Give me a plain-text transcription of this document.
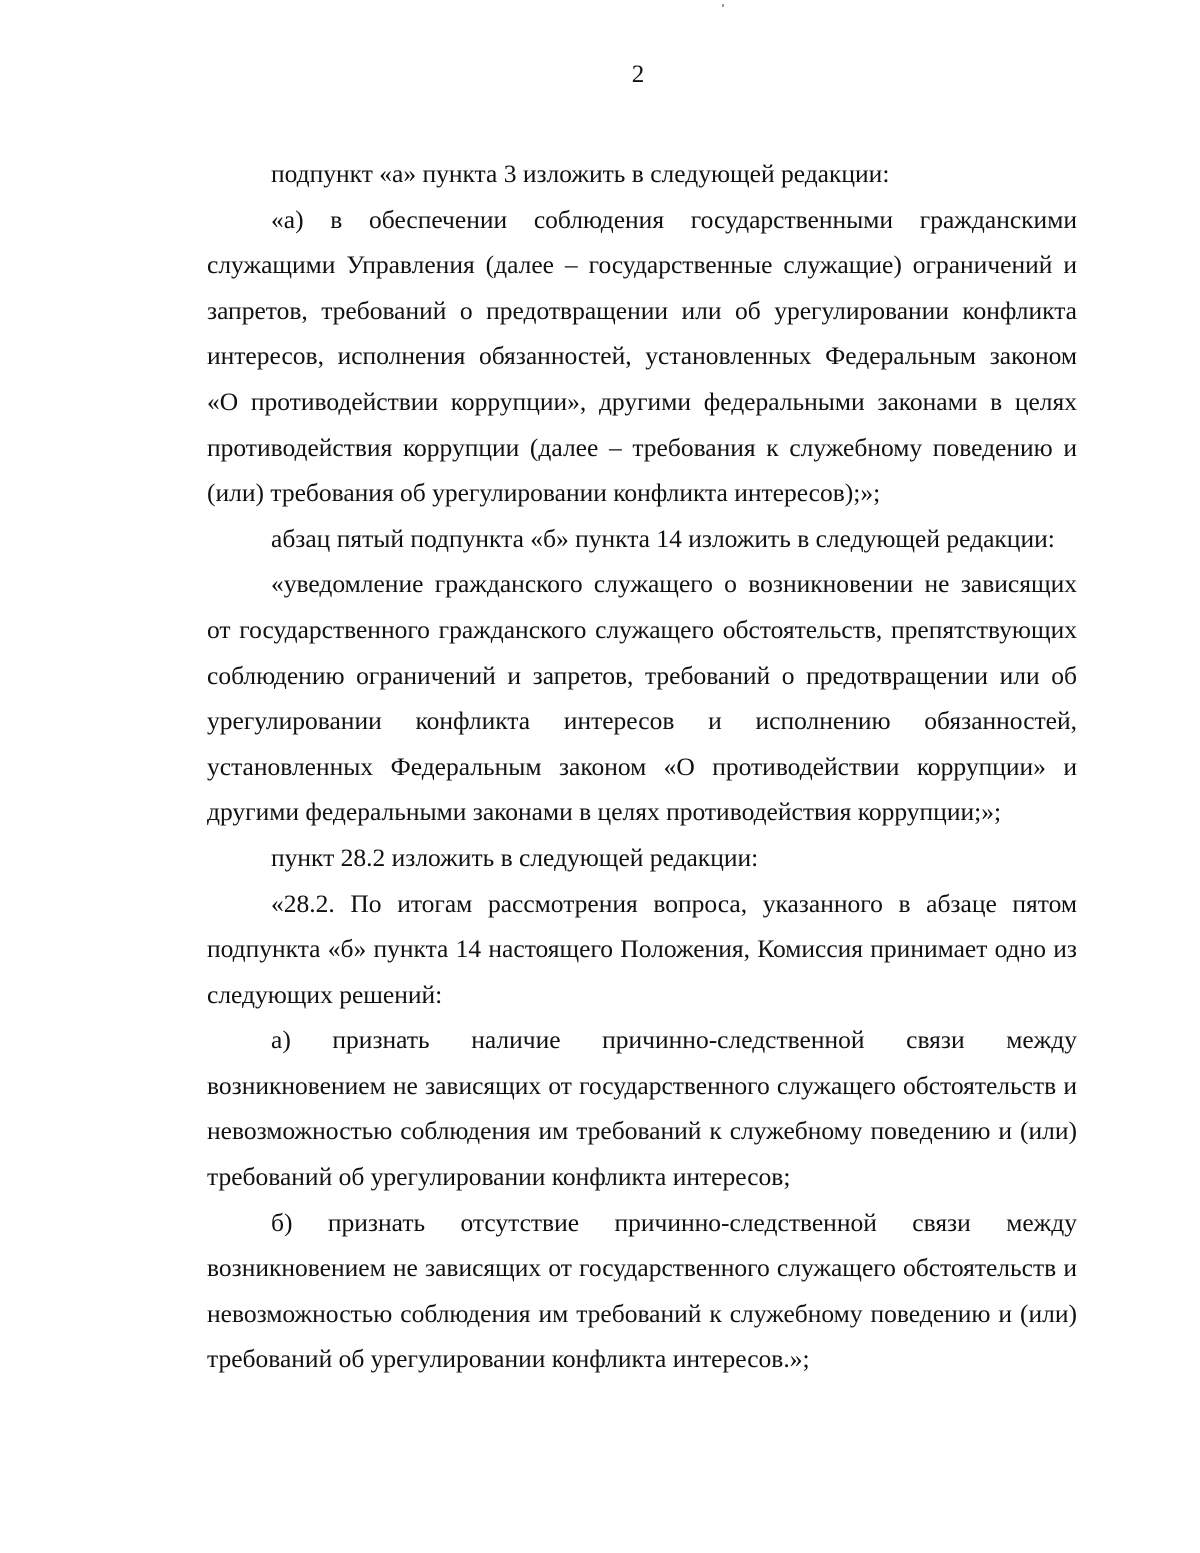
2

подпункт «а» пункта 3 изложить в следующей редакции:

«а) в обеспечении соблюдения государственными гражданскими служащими Управления (далее – государственные служащие) ограничений и запретов, требований о предотвращении или об урегулировании конфликта интересов, исполнения обязанностей, установленных Федеральным законом «О противодействии коррупции», другими федеральными законами в целях противодействия коррупции (далее – требования к служебному поведению и (или) требования об урегулировании конфликта интересов);»;

абзац пятый подпункта «б» пункта 14 изложить в следующей редакции:

«уведомление гражданского служащего о возникновении не зависящих от государственного гражданского служащего обстоятельств, препятствующих соблюдению ограничений и запретов, требований о предотвращении или об урегулировании конфликта интересов и исполнению обязанностей, установленных Федеральным законом «О противодействии коррупции» и другими федеральными законами в целях противодействия коррупции;»;

пункт 28.2 изложить в следующей редакции:

«28.2. По итогам рассмотрения вопроса, указанного в абзаце пятом подпункта «б» пункта 14 настоящего Положения, Комиссия принимает одно из следующих решений:

а) признать наличие причинно-следственной связи между возникновением не зависящих от государственного служащего обстоятельств и невозможностью соблюдения им требований к служебному поведению и (или) требований об урегулировании конфликта интересов;

б) признать отсутствие причинно-следственной связи между возникновением не зависящих от государственного служащего обстоятельств и невозможностью соблюдения им требований к служебному поведению и (или) требований об урегулировании конфликта интересов.»;
